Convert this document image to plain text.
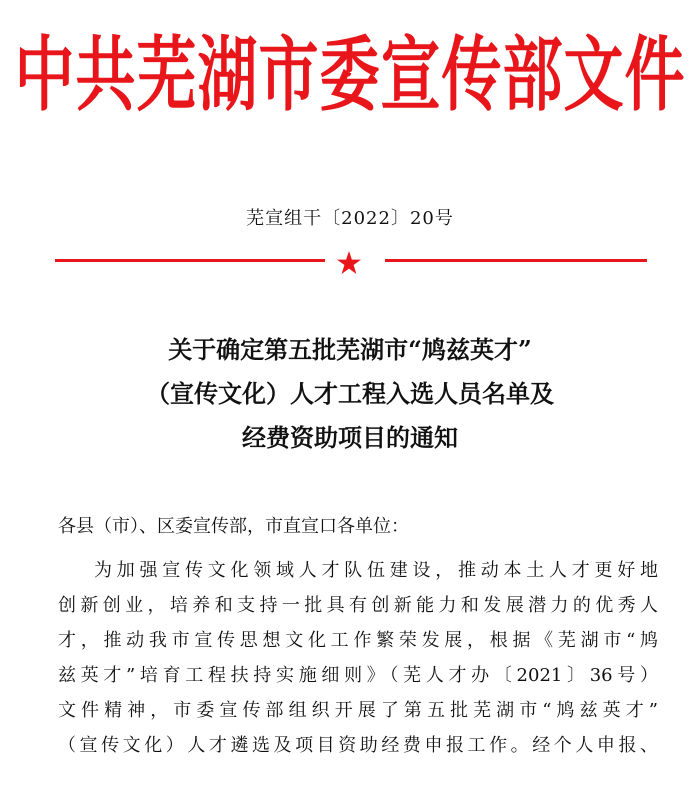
中共芜湖市委宣传部文件
芜宣组干〔2022〕20号
关于确定第五批芜湖市“鸠兹英才”
（宣传文化）人才工程入选人员名单及
经费资助项目的通知
各县（市）、区委宣传部，市直宣口各单位：
为加强宣传文化领域人才队伍建设，推动本土人才更好地
创新创业，培养和支持一批具有创新能力和发展潜力的优秀人
才，推动我市宣传思想文化工作繁荣发展，根据《芜湖市“鸠
兹英才”培育工程扶持实施细则》（芜人才办〔2021〕36号）
文件精神，市委宣传部组织开展了第五批芜湖市“鸠兹英才”
（宣传文化）人才遴选及项目资助经费申报工作。经个人申报、
